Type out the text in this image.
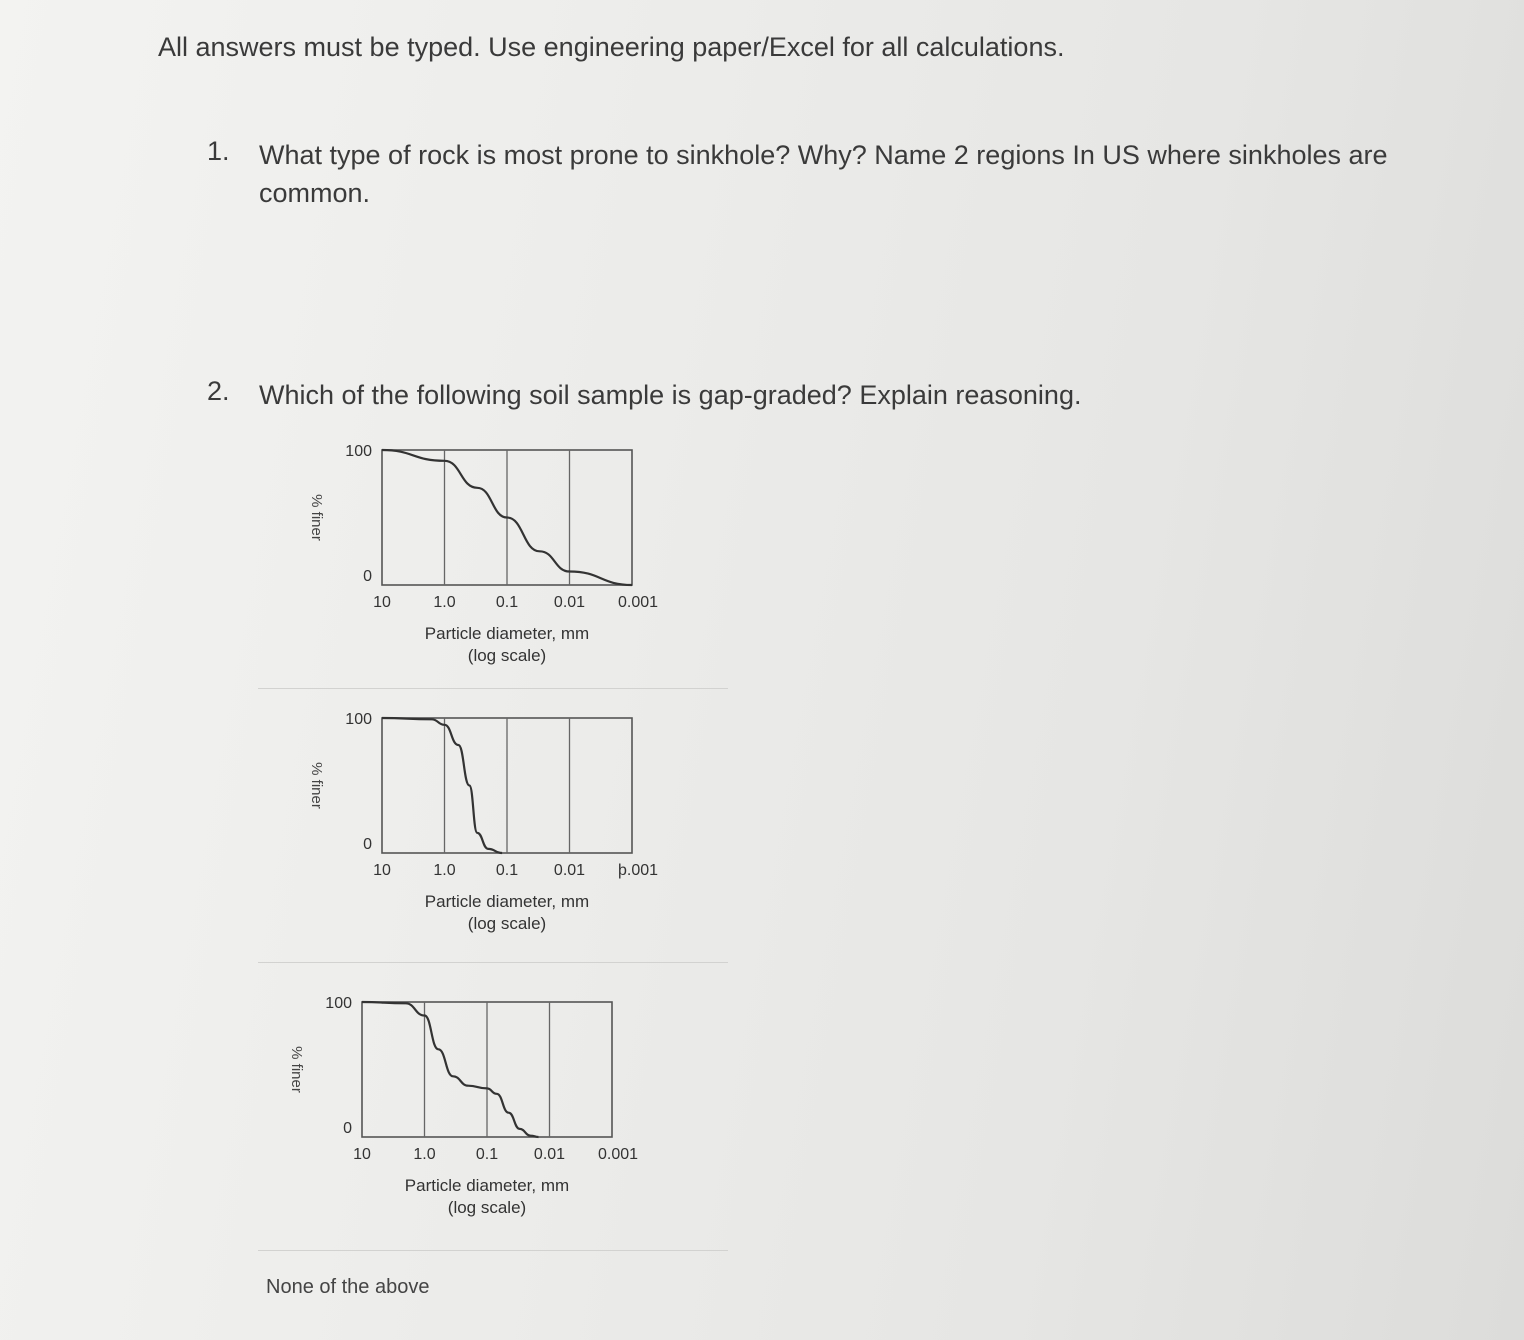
All answers must be typed. Use engineering paper/Excel for all calculations.
1. What type of rock is most prone to sinkhole? Why? Name 2 regions In US where sinkholes are common.
2. Which of the following soil sample is gap-graded? Explain reasoning.
100
0
10	1.0	0.1 0.01 0.001
Particle diameter, mm
(log scale)
% finer
100
0
10	1.0	0.1 0.01 þ.001
Particle diameter, mm
(log scale)
% finer
100
0
10	1.0	0.1 0.01 0.001
Particle diameter, mm
(log scale)
% finer
None of the above
